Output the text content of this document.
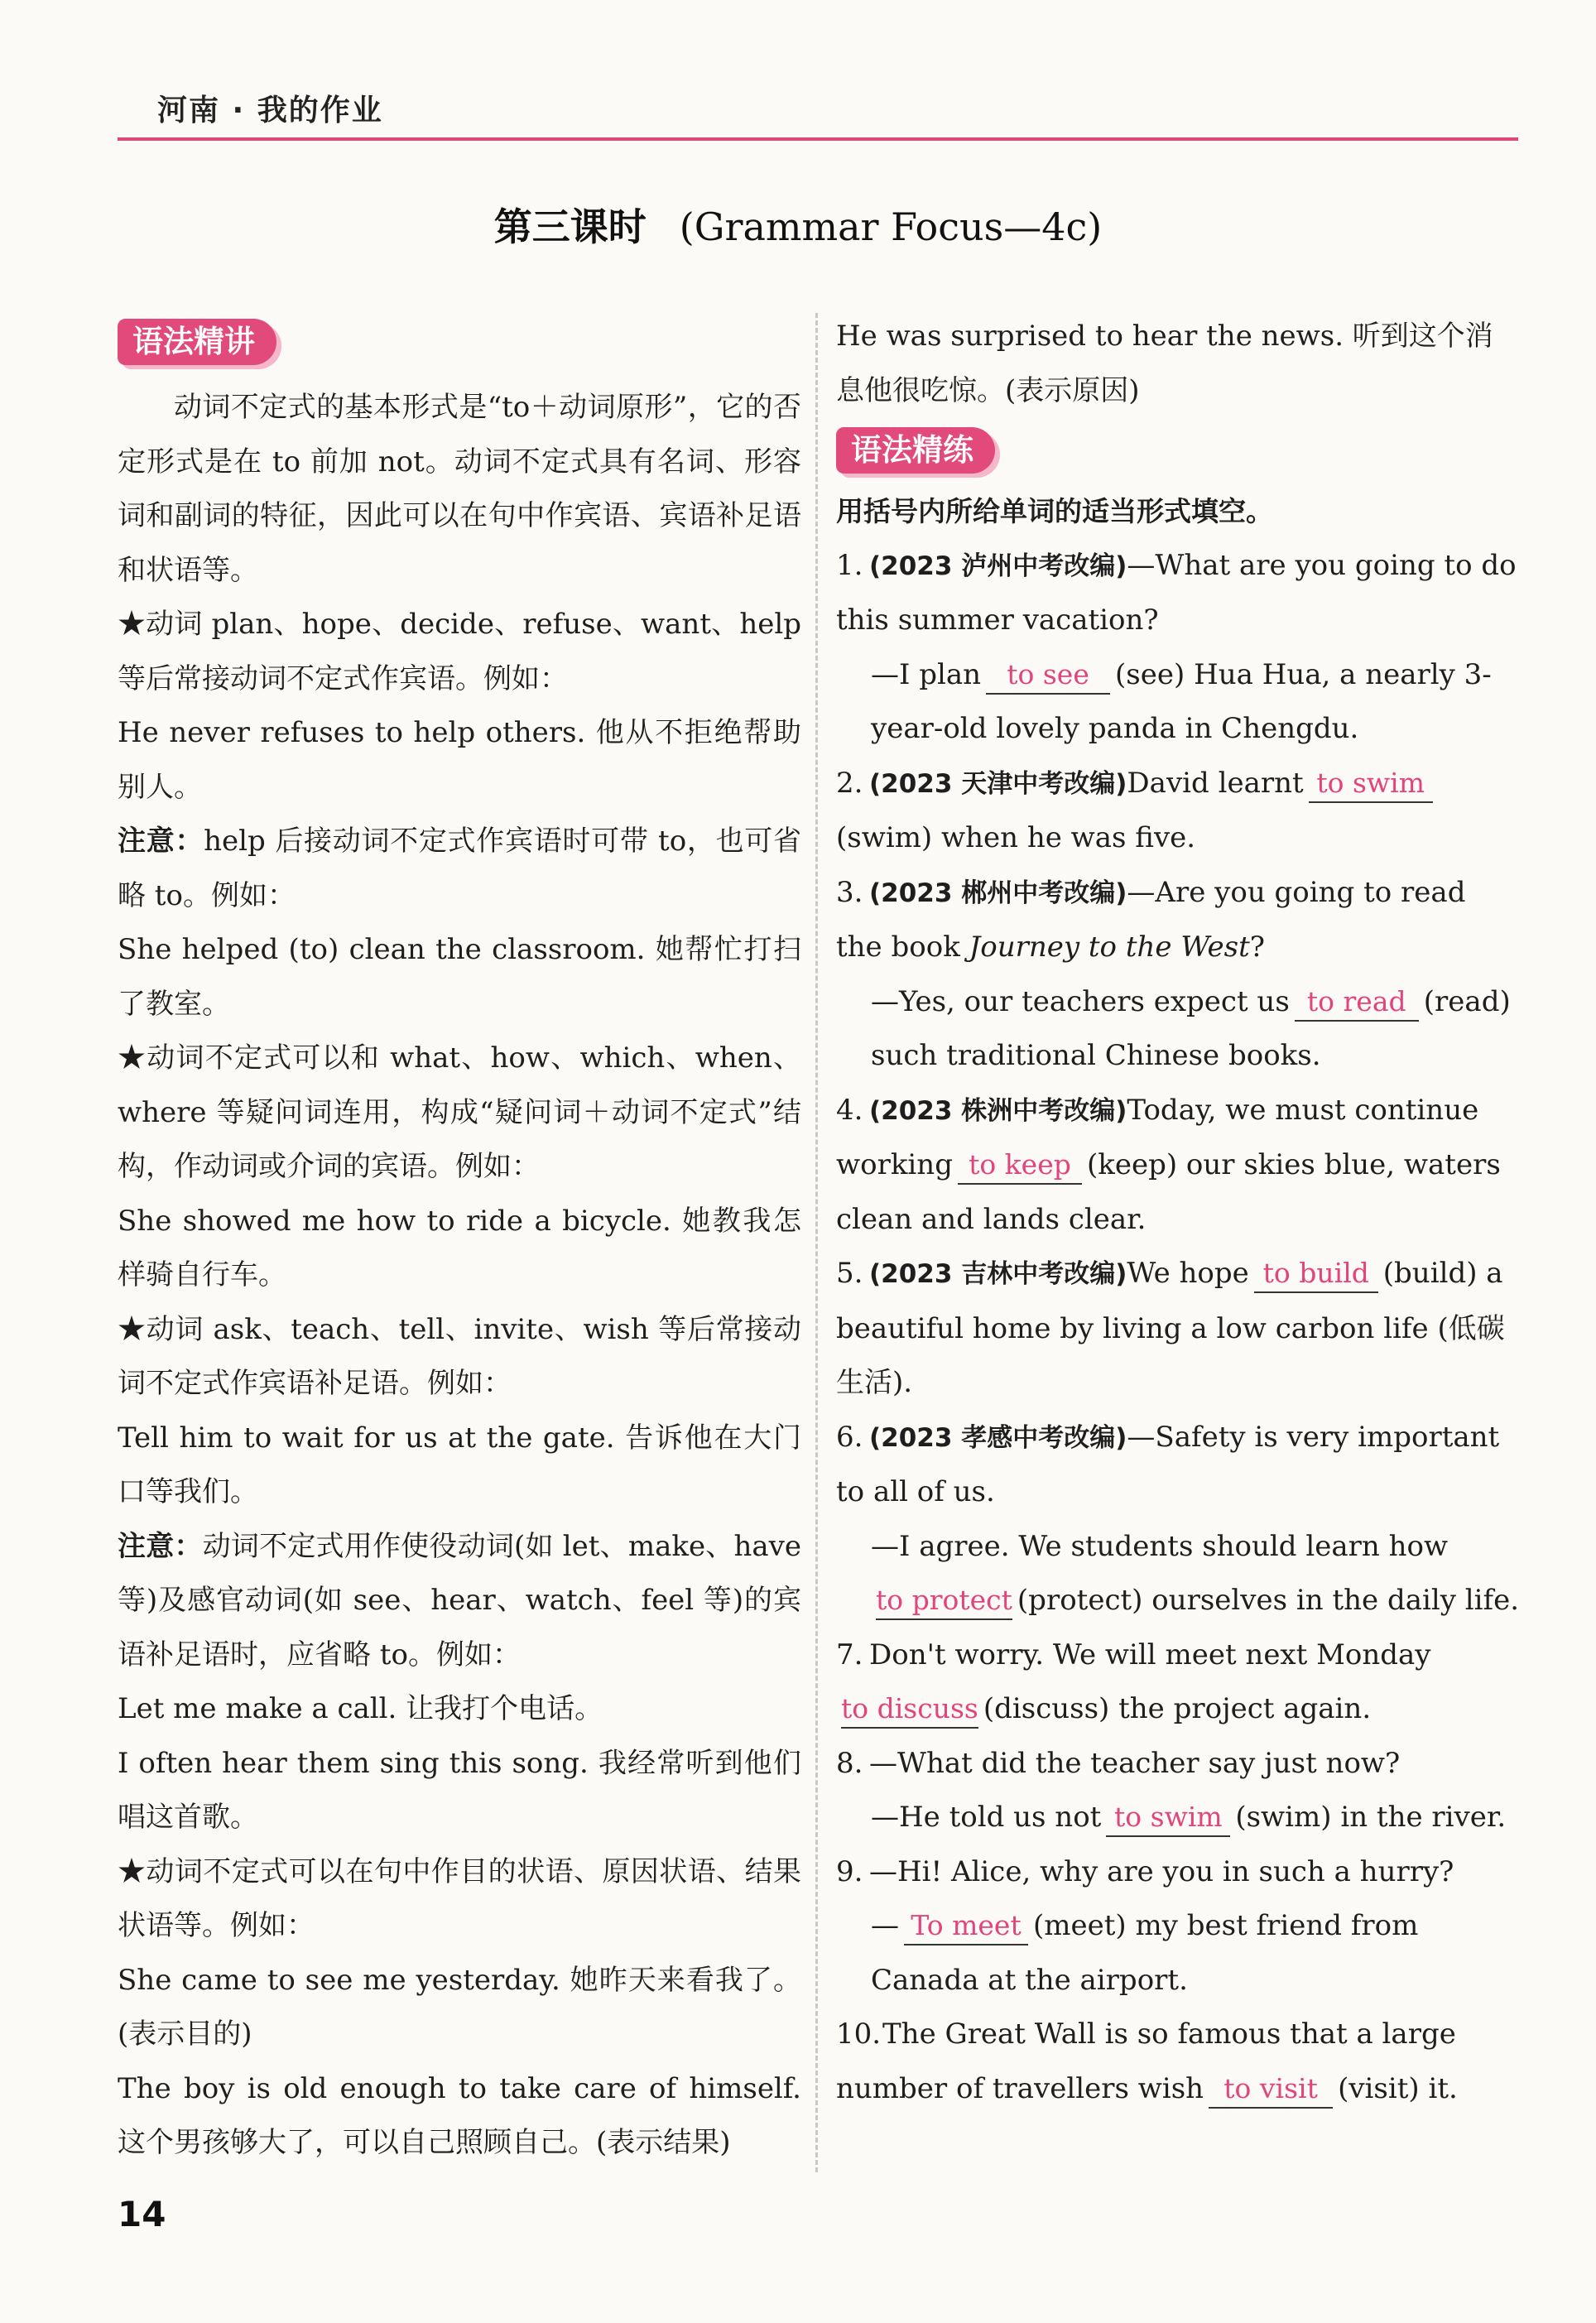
河南 · 我的作业
第三课时 (Grammar Focus—4c)
语法精讲
语法精练

动词不定式的基本形式是“to＋动词原形”，它的否定形式是在 to 前加 not。动词不定式具有名词、形容词和副词的特征，因此可以在句中作宾语、宾语补足语和状语等。

★动词 plan、hope、decide、refuse、want、help 等后常接动词不定式作宾语。例如：

He never refuses to help others. 他从不拒绝帮助别人。

注意：help 后接动词不定式作宾语时可带 to，也可省略 to。例如：

She helped (to) clean the classroom. 她帮忙打扫了教室。

★动词不定式可以和 what、how、which、when、where 等疑问词连用，构成“疑问词＋动词不定式”结构，作动词或介词的宾语。例如：

She showed me how to ride a bicycle. 她教我怎样骑自行车。

★动词 ask、teach、tell、invite、wish 等后常接动词不定式作宾语补足语。例如：

Tell him to wait for us at the gate. 告诉他在大门口等我们。

注意：动词不定式用作使役动词(如 let、make、have 等)及感官动词(如 see、hear、watch、feel 等)的宾语补足语时，应省略 to。例如：

Let me make a call. 让我打个电话。

I often hear them sing this song. 我经常听到他们唱这首歌。

★动词不定式可以在句中作目的状语、原因状语、结果状语等。例如：

She came to see me yesterday. 她昨天来看我了。(表示目的)

The boy is old enough to take care of himself. 这个男孩够大了，可以自己照顾自己。(表示结果)

He was surprised to hear the news. 听到这个消息他很吃惊。(表示原因)

用括号内所给单词的适当形式填空。

1. (2023 泸州中考改编)—What are you going to do this summer vacation?
—I plan to see (see) Hua Hua, a nearly 3-year-old lovely panda in Chengdu.
2. (2023 天津中考改编)David learnt to swim(swim) when he was five.
3. (2023 郴州中考改编)—Are you going to read the book Journey to the West?
—Yes, our teachers expect us to read (read) such traditional Chinese books.
4. (2023 株洲中考改编)Today, we must continue working to keep (keep) our skies blue, waters clean and lands clear.
5. (2023 吉林中考改编)We hope to build (build) a beautiful home by living a low carbon life (低碳生活).
6. (2023 孝感中考改编)—Safety is very important to all of us.
—I agree. We students should learn howto protect (protect) ourselves in the daily life.
7. Don't worry. We will meet next Mondayto discuss (discuss) the project again.
8. —What did the teacher say just now?
—He told us not to swim (swim) in the river.
9. —Hi! Alice, why are you in such a hurry?
— To meet (meet) my best friend from Canada at the airport.
10.The Great Wall is so famous that a large number of travellers wish to visit (visit) it.
14
